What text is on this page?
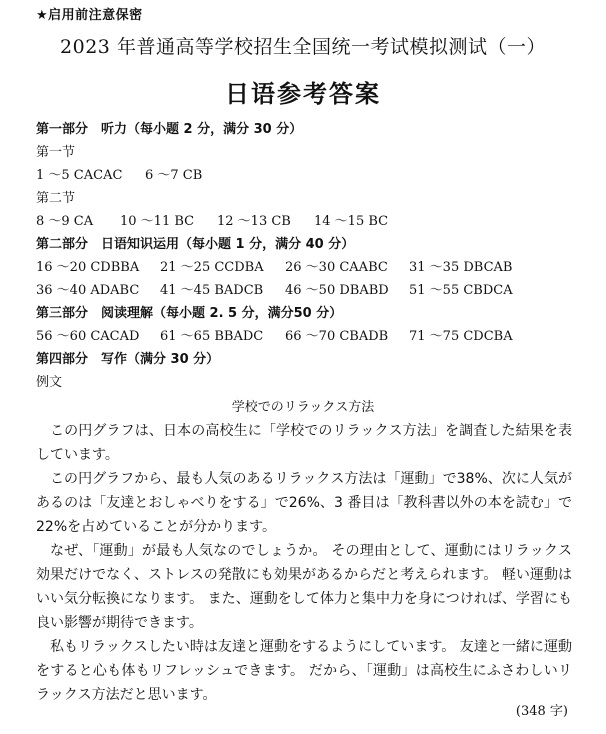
★启用前注意保密
2023 年普通高等学校招生全国统一考试模拟测试（一）
日语参考答案
第一部分　听力（每小题 2 分，满分 30 分）
第一节
1 ～5 CACAC 6 ～7 CB
第二节
8 ～9 CA 10 ～11 BC 12 ～13 CB 14 ～15 BC
第二部分　日语知识运用（每小题 1 分，满分 40 分）
16 ～20 CDBBA 21 ～25 CCDBA 26 ～30 CAABC 31 ～35 DBCAB
36 ～40 ADABC 41 ～45 BADCB 46 ～50 DBABD 51 ～55 CBDCA
第三部分　阅读理解（每小题 2. 5 分，满分50 分）
56 ～60 CACAD 61 ～65 BBADC 66 ～70 CBADB 71 ～75 CDCBA
第四部分　写作（满分 30 分）
例文
学校でのリラックス方法

この円グラフは、日本の高校生に「学校でのリラックス方法」を調査した結果を表しています。

この円グラフから、最も人気のあるリラックス方法は「運動」で38%、次に人気があるのは「友達とおしゃべりをする」で26%、3 番目は「教科書以外の本を読む」で22%を占めていることが分かります。

なぜ、「運動」が最も人気なのでしょうか。 その理由として、運動にはリラックス効果だけでなく、ストレスの発散にも効果があるからだと考えられます。 軽い運動はいい気分転換になります。 また、運動をして体力と集中力を身につければ、学習にも良い影響が期待できます。

私もリラックスしたい時は友達と運動をするようにしています。 友達と一緒に運動をすると心も体もリフレッシュできます。 だから、「運動」は高校生にふさわしいリラックス方法だと思います。

(348 字)
